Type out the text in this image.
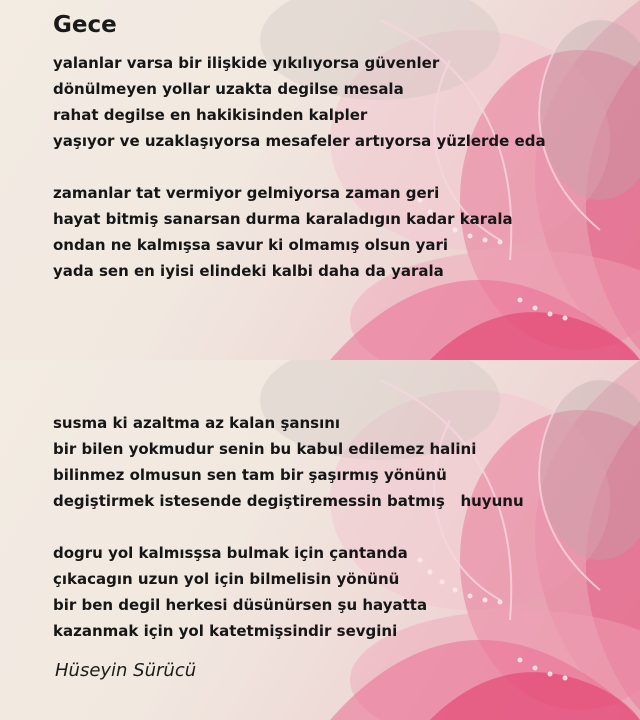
Gece
yalanlar varsa bir ilişkide yıkılıyorsa güvenler
dönülmeyen yollar uzakta degilse mesala
rahat degilse en hakikisinden kalpler
yaşıyor ve uzaklaşıyorsa mesafeler artıyorsa yüzlerde eda
zamanlar tat vermiyor gelmiyorsa zaman geri
hayat bitmiş sanarsan durma karaladıgın kadar karala
ondan ne kalmışsa savur ki olmamış olsun yari
yada sen en iyisi elindeki kalbi daha da yarala
susma ki azaltma az kalan şansını
bir bilen yokmudur senin bu kabul edilemez halini
bilinmez olmusun sen tam bir şaşırmış yönünü
degiştirmek istesende degiştiremessin batmış   huyunu
dogru yol kalmısşsa bulmak için çantanda
çıkacagın uzun yol için bilmelisin yönünü
bir ben degil herkesi düsünürsen şu hayatta
kazanmak için yol katetmişsindir sevgini

Hüseyin Sürücü
